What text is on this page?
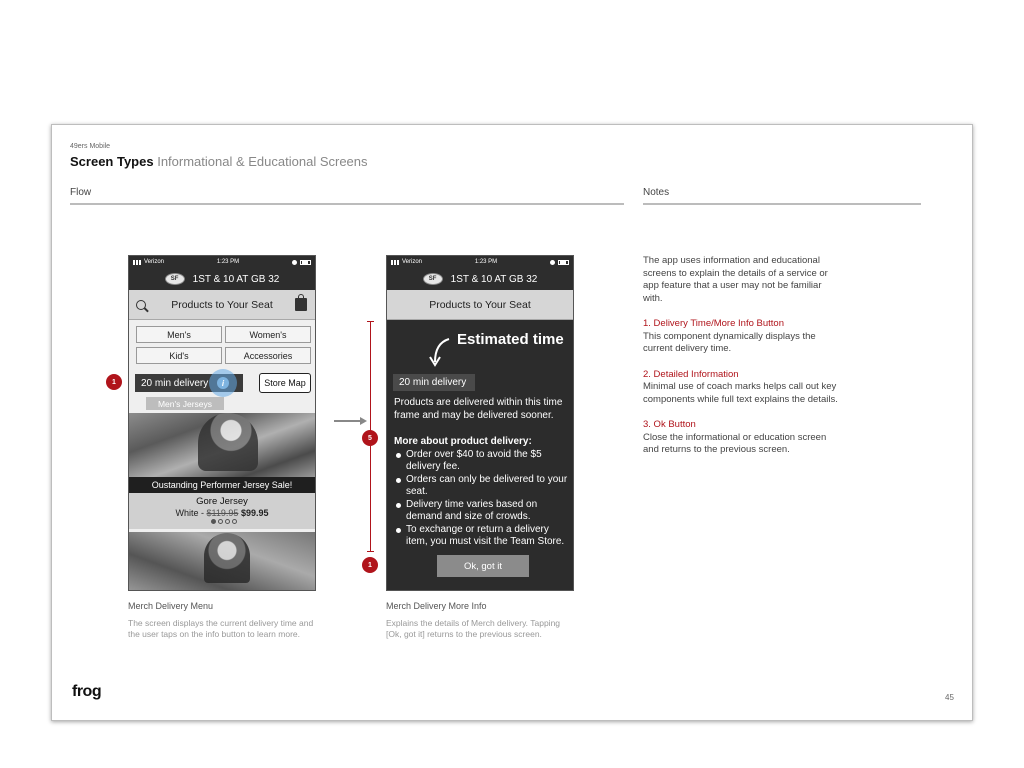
49ers Mobile
Screen Types Informational & Educational Screens
Flow	Notes
Verizon	1:23 PM
SF	1ST & 10 AT GB 32
Products to Your Seat
Men's	Women's
Kid's	Accessories
20 min delivery	i	Store Map
Men's Jerseys
Oustanding Performer Jersey Sale!
Gore Jersey
White - $119.95 $99.95
Verizon	1:23 PM
SF	1ST & 10 AT GB 32
Products to Your Seat
Estimated time
20 min delivery
Products are delivered within this time frame and may be delivered sooner.
More about product delivery:
Order over $40 to avoid the $5 delivery fee.
Orders can only be delivered to your seat.
Delivery time varies based on demand and size of crowds.
To exchange or return a delivery item, you must visit the Team Store.
Ok, got it
1
5
1
Merch Delivery Menu
The screen displays the current delivery time and the user taps on the info button to learn more.
Merch Delivery More Info
Explains the details of Merch delivery. Tapping [Ok, got it] returns to the previous screen.
The app uses information and educational screens to explain the details of a service or app feature that a user may not be familiar with.
1. Delivery Time/More Info Button
This component dynamically displays the current delivery time.
2. Detailed Information
Minimal use of coach marks helps call out key components while full text explains the details.
3. Ok Button
Close the informational or education screen and returns to the previous screen.
frog	45
